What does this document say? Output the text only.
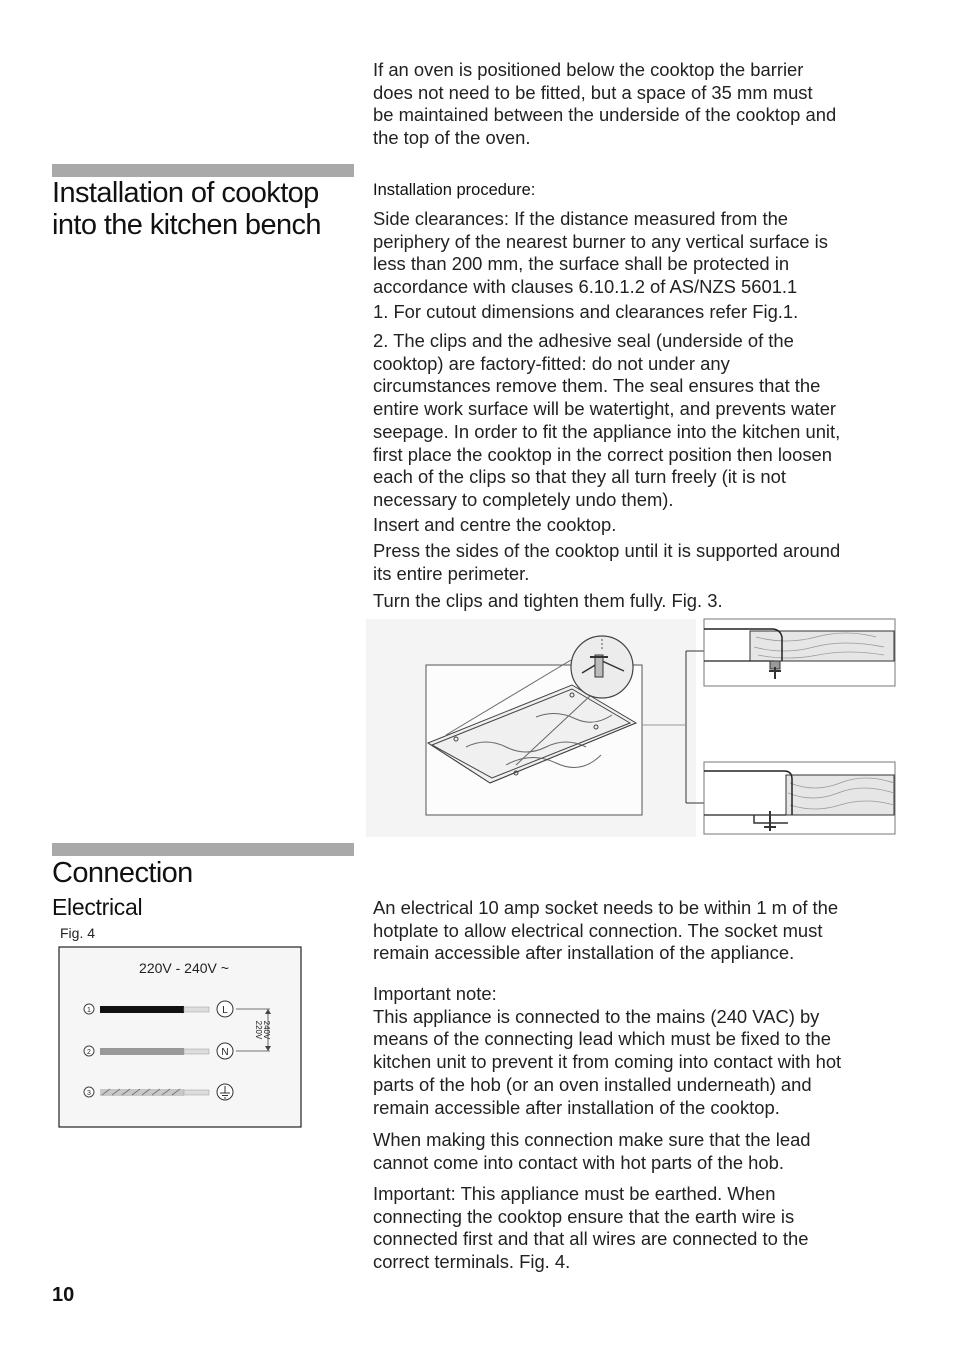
If an oven is positioned below the cooktop the barrier
does not need to be fitted, but a space of 35 mm must
be maintained between the underside of the cooktop and
the top of the oven.
Installation of cooktop
into the kitchen bench
Installation procedure:
Side clearances: If the distance measured from the
periphery of the nearest burner to any vertical surface is
less than 200 mm, the surface shall be protected in
accordance with clauses 6.10.1.2 of AS/NZS 5601.1
1. For cutout dimensions and clearances refer Fig.1.
2. The clips and the adhesive seal (underside of the
cooktop) are factory-fitted: do not under any
circumstances remove them. The seal ensures that the
entire work surface will be watertight, and prevents water
seepage. In order to fit the appliance into the kitchen unit,
first place the cooktop in the correct position then loosen
each of the clips so that they all turn freely (it is not
necessary to completely undo them).
Insert and centre the cooktop.
Press the sides of the cooktop until it is supported around
its entire perimeter.
Turn the clips and tighten them fully. Fig. 3.
Connection
Electrical
Fig. 4
220V - 240V ~
1	L
2	N
3
220V 240V
An electrical 10 amp socket needs to be within 1 m of the
hotplate to allow electrical connection. The socket must
remain accessible after installation of the appliance.
Important note:
This appliance is connected to the mains (240 VAC) by
means of the connecting lead which must be fixed to the
kitchen unit to prevent it from coming into contact with hot
parts of the hob (or an oven installed underneath) and
remain accessible after installation of the cooktop.
When making this connection make sure that the lead
cannot come into contact with hot parts of the hob.
Important: This appliance must be earthed. When
connecting the cooktop ensure that the earth wire is
connected first and that all wires are connected to the
correct terminals. Fig. 4.
10
